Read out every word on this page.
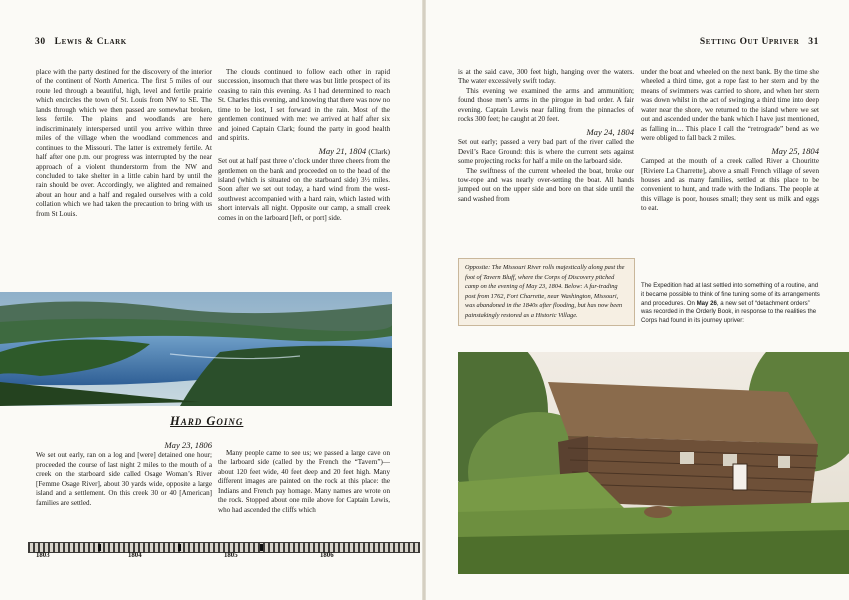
30 Lewis & Clark

place with the party destined for the discovery of the interior of the continent of North America. The first 5 miles of our route led through a beautiful, high, level and fertile prairie which encircles the town of St. Louis from NW to SE. The lands through which we then passed are somewhat broken, less fertile. The plains and woodlands are here indiscriminately interspersed until you arrive within three miles of the village when the woodland commences and continues to the Missouri. The latter is extremely fertile. At half after one p.m. our progress was interrupted by the near approach of a violent thunderstorm from the NW and concluded to take shelter in a little cabin hard by until the rain should be over. Accordingly, we alighted and remained about an hour and a half and regaled ourselves with a cold collation which we had taken the precaution to bring with us from St Louis.

The clouds continued to follow each other in rapid succession, insomuch that there was but little prospect of its ceasing to rain this evening. As I had determined to reach St. Charles this evening, and knowing that there was now no time to be lost, I set forward in the rain. Most of the gentlemen continued with me: we arrived at half after six and joined Captain Clark; found the party in good health and spirits.

May 21, 1804 (Clark)

Set out at half past three o’clock under three cheers from the gentlemen on the bank and proceeded on to the head of the island (which is situated on the starboard side) 3½ miles. Soon after we set out today, a hard wind from the west-southwest accompanied with a hard rain, which lasted with short intervals all night. Opposite our camp, a small creek comes in on the larboard [left, or port] side.

Hard Going
May 23, 1806

We set out early, ran on a log and [were] detained one hour; proceeded the course of last night 2 miles to the mouth of a creek on the starboard side called Osage Woman’s River [Femme Osage River], about 30 yards wide, opposite a large island and a settlement. On this creek 30 or 40 [American] families are settled.

Many people came to see us; we passed a large cave on the larboard side (called by the French the “Tavern”)—about 120 feet wide, 40 feet deep and 20 feet high. Many different images are painted on the rock at this place: the Indians and French pay homage. Many names are wrote on the rock. Stopped about one mile above for Captain Lewis, who had ascended the cliffs which

1803	1804	1805	1806
Setting Out Upriver 31

is at the said cave, 300 feet high, hanging over the waters. The water excessively swift today.

This evening we examined the arms and ammunition; found those men’s arms in the pirogue in bad order. A fair evening. Captain Lewis near falling from the pinnacles of rocks 300 feet; he caught at 20 feet.

May 24, 1804

Set out early; passed a very bad part of the river called the Devil’s Race Ground: this is where the current sets against some projecting rocks for half a mile on the larboard side.

The swiftness of the current wheeled the boat, broke our tow-rope and was nearly over-setting the boat. All hands jumped out on the upper side and bore on that side until the sand washed from

Opposite: The Missouri River rolls majestically along past the foot of Tavern Bluff, where the Corps of Discovery pitched camp on the evening of May 23, 1804. Below: A fur-trading post from 1762, Fort Charrette, near Washington, Missouri, was abandoned in the 1840s after flooding, but has now been painstakingly restored as a Historic Village.

under the boat and wheeled on the next bank. By the time she wheeled a third time, got a rope fast to her stern and by the means of swimmers was carried to shore, and when her stern was down whilst in the act of swinging a third time into deep water near the shore, we returned to the island where we set out and ascended under the bank which I have just mentioned, as falling in.... This place I call the “retrograde” bend as we were obliged to fall back 2 miles.

May 25, 1804

Camped at the mouth of a creek called River a Chouritte [Riviere La Charrette], above a small French village of seven houses and as many families, settled at this place to be convenient to hunt, and trade with the Indians. The people at this village is poor, houses small; they sent us milk and eggs to eat.

The Expedition had at last settled into something of a routine, and it became possible to think of fine tuning some of its arrangements and procedures. On May 26, a new set of “detachment orders” was recorded in the Orderly Book, in response to the realities the Corps had found in its journey upriver:
